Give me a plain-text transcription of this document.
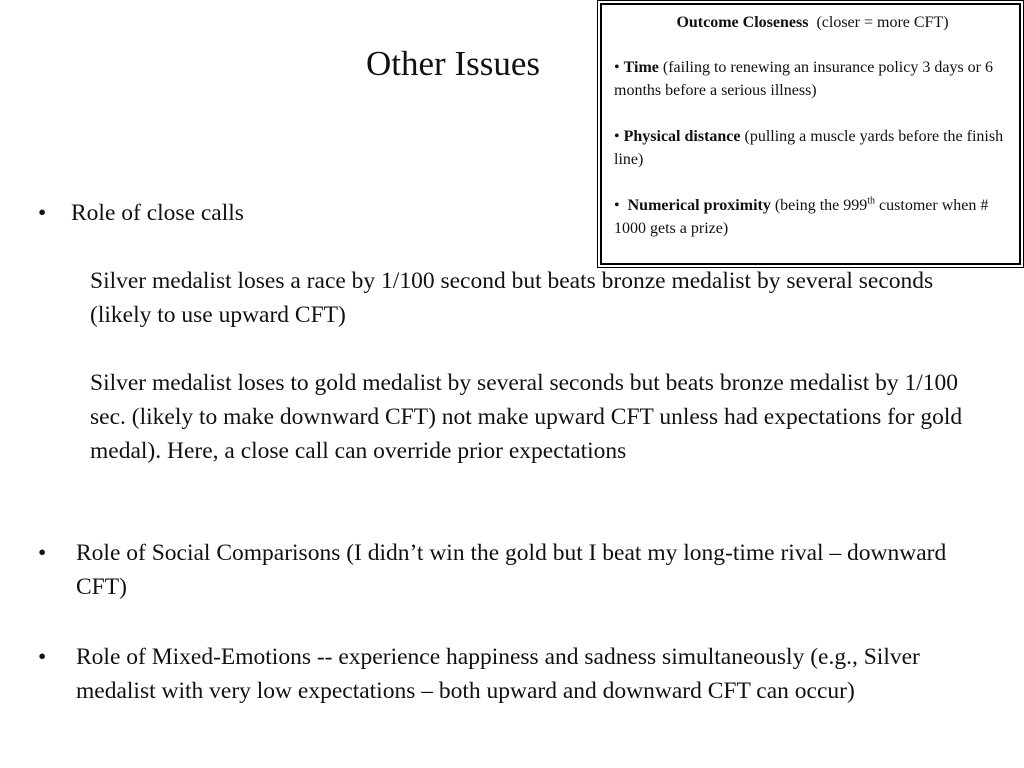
Other Issues
Outcome Closeness (closer = more CFT)
• Time (failing to renewing an insurance policy 3 days or 6 months before a serious illness)
• Physical distance (pulling a muscle yards before the finish line)
• Numerical proximity (being the 999th customer when # 1000 gets a prize)
• Role of close calls
Silver medalist loses a race by 1/100 second but beats bronze medalist by several seconds (likely to use upward CFT)
Silver medalist loses to gold medalist by several seconds but beats bronze medalist by 1/100 sec. (likely to make downward CFT) not make upward CFT unless had expectations for gold medal). Here, a close call can override prior expectations
• Role of Social Comparisons (I didn’t win the gold but I beat my long-time rival – downward CFT)
• Role of Mixed-Emotions -- experience happiness and sadness simultaneously (e.g., Silver medalist with very low expectations – both upward and downward CFT can occur)
